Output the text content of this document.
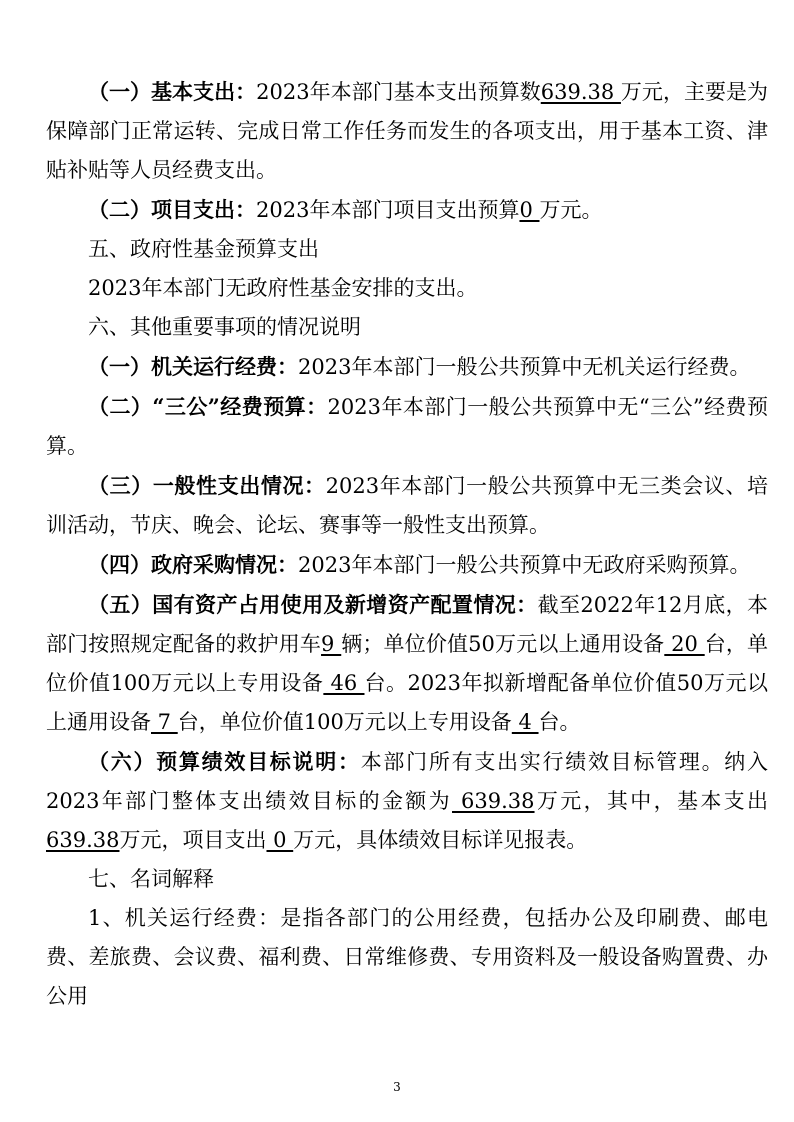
（一）基本支出：2023年本部门基本支出预算数639.38 万元，主要是为保障部门正常运转、完成日常工作任务而发生的各项支出，用于基本工资、津贴补贴等人员经费支出。

（二）项目支出：2023年本部门项目支出预算0 万元。

五、政府性基金预算支出

2023年本部门无政府性基金安排的支出。

六、其他重要事项的情况说明

（一）机关运行经费：2023年本部门一般公共预算中无机关运行经费。

（二）“三公”经费预算：2023年本部门一般公共预算中无“三公”经费预算。

（三）一般性支出情况：2023年本部门一般公共预算中无三类会议、培训活动，节庆、晚会、论坛、赛事等一般性支出预算。

（四）政府采购情况：2023年本部门一般公共预算中无政府采购预算。

（五）国有资产占用使用及新增资产配置情况：截至2022年12月底，本部门按照规定配备的救护用车9 辆；单位价值50万元以上通用设备 20 台，单位价值100万元以上专用设备 46 台。2023年拟新增配备单位价值50万元以上通用设备 7 台，单位价值100万元以上专用设备 4 台。

（六）预算绩效目标说明：本部门所有支出实行绩效目标管理。纳入2023年部门整体支出绩效目标的金额为 639.38万元，其中，基本支出 639.38万元，项目支出 0 万元，具体绩效目标详见报表。

七、名词解释

1、机关运行经费：是指各部门的公用经费，包括办公及印刷费、邮电费、差旅费、会议费、福利费、日常维修费、专用资料及一般设备购置费、办公用

3
